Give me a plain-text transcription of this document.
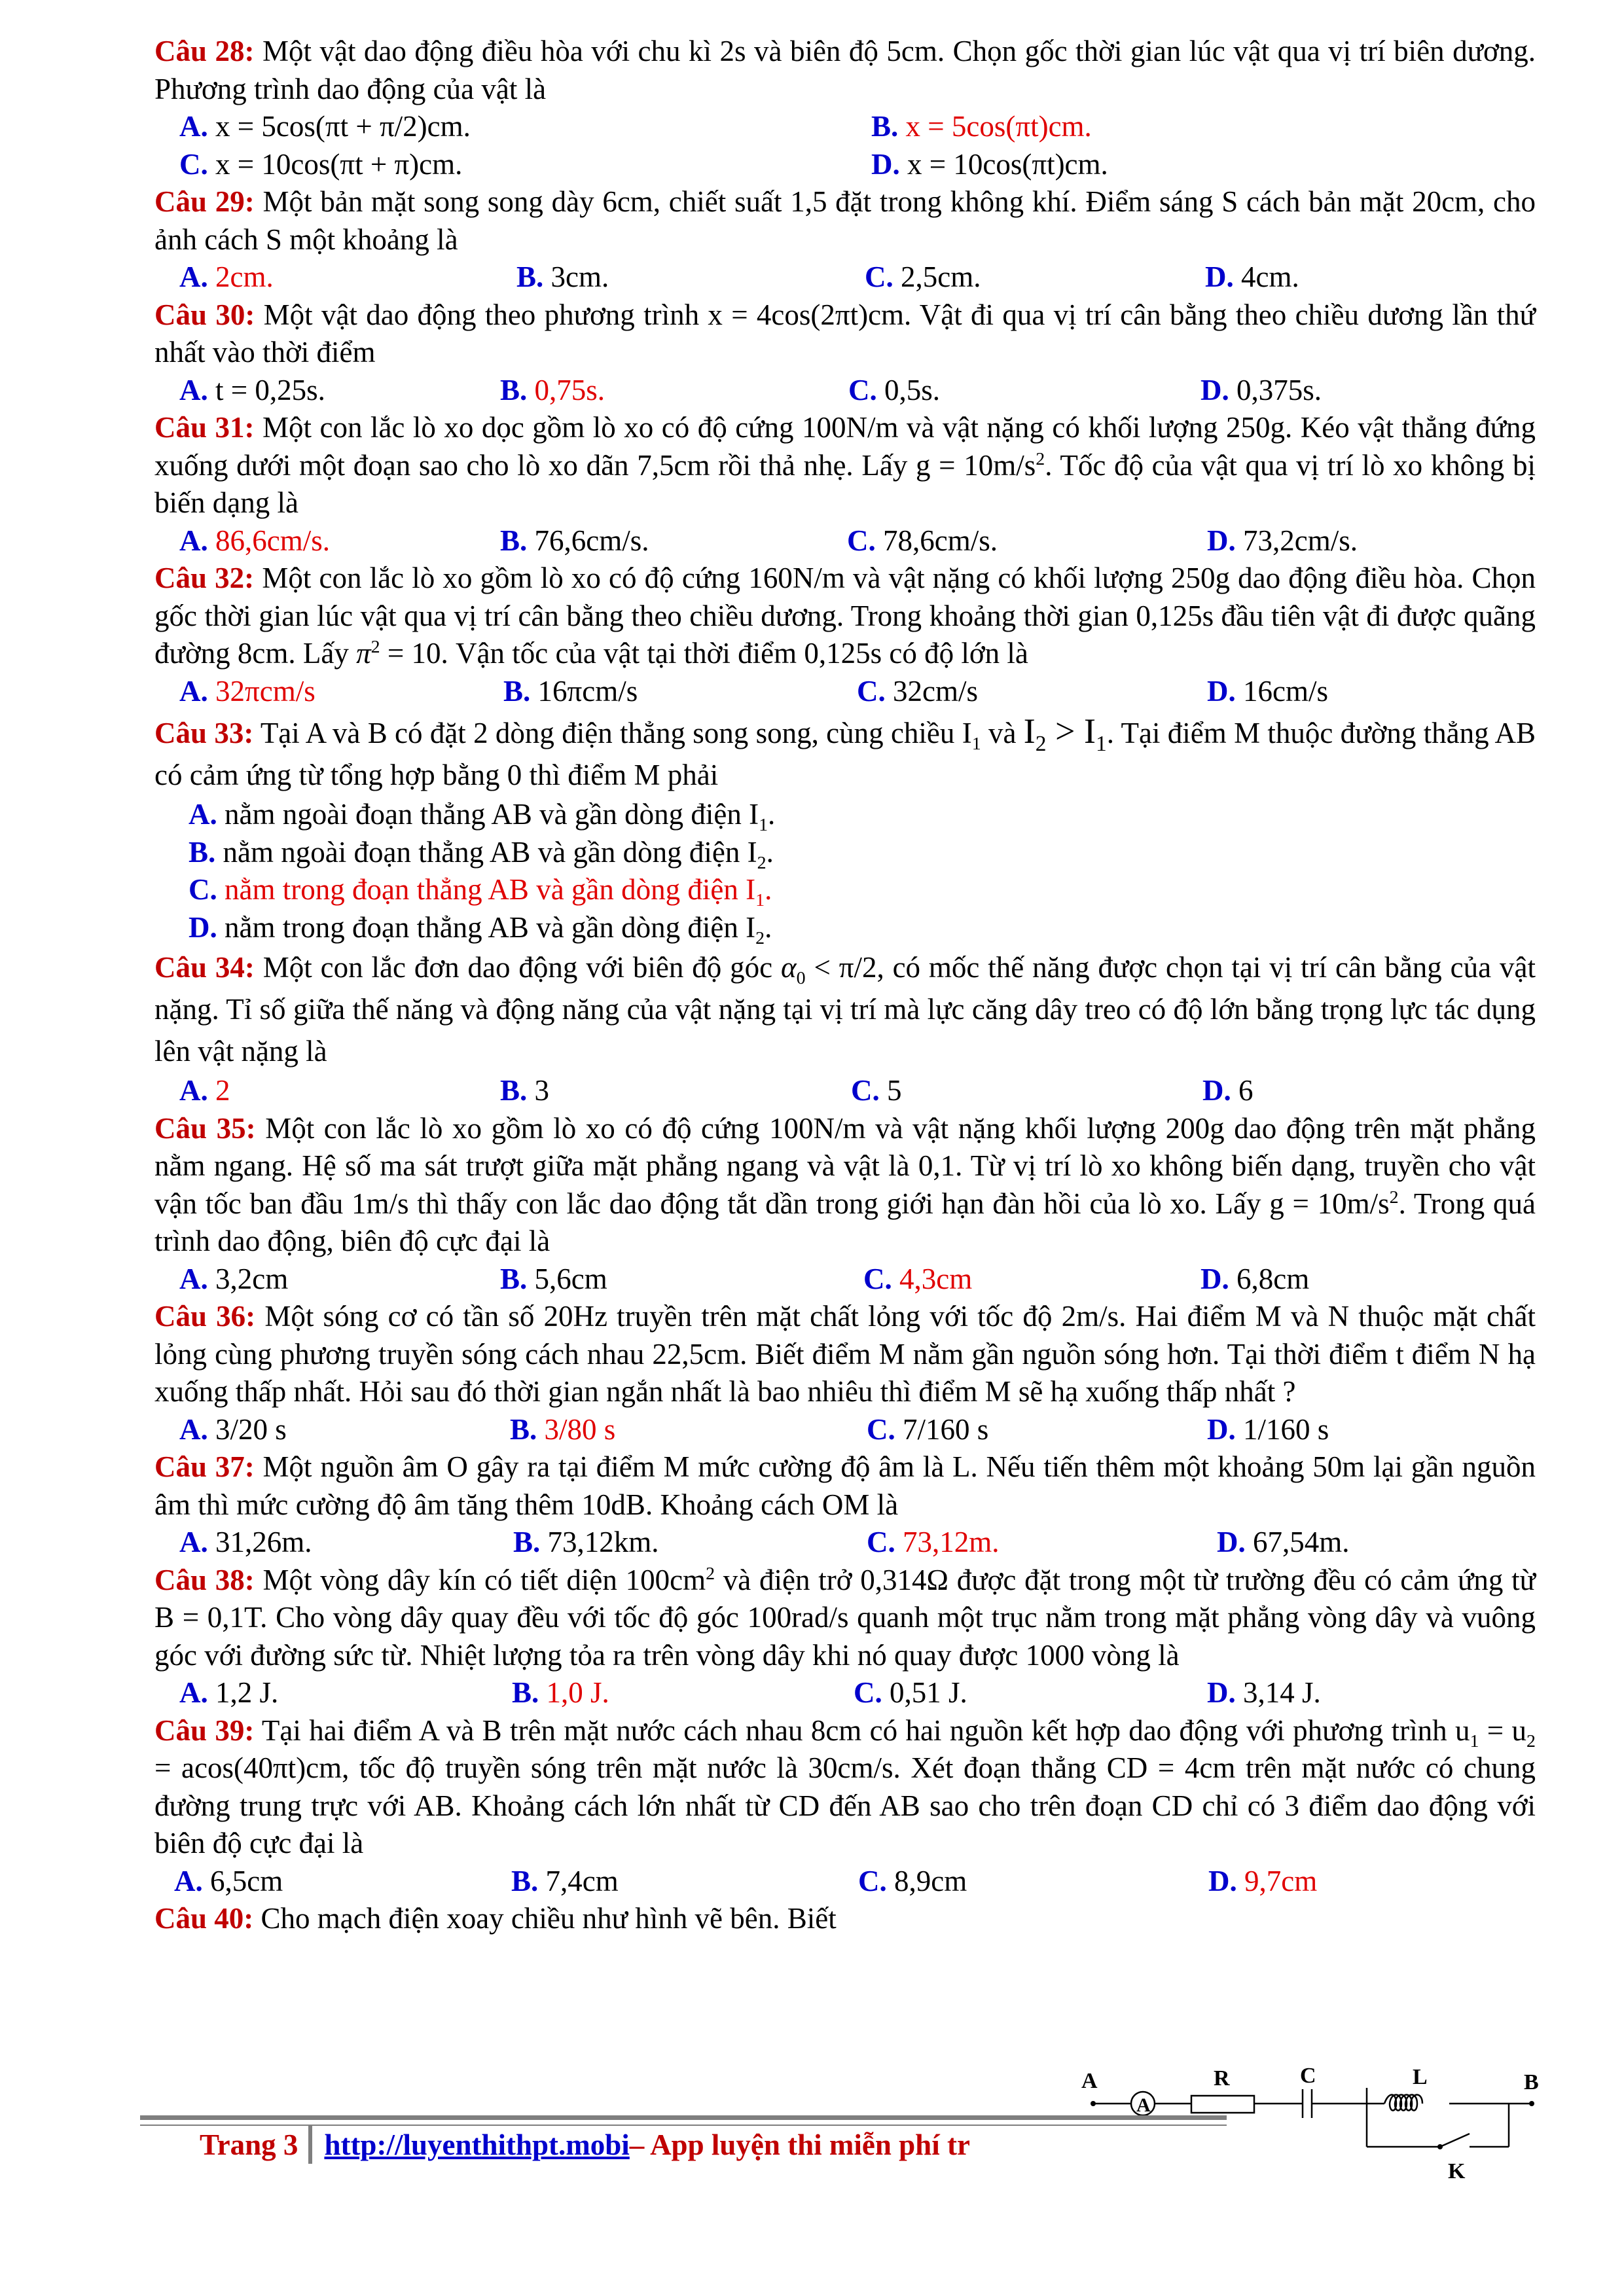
Câu 28: Một vật dao động điều hòa với chu kì 2s và biên độ 5cm. Chọn gốc thời gian lúc vật qua vị trí biên dương. Phương trình dao động của vật là
A. x = 5cos(πt + π/2)cm.	B. x = 5cos(πt)cm.
C. x = 10cos(πt + π)cm.	D. x = 10cos(πt)cm.
Câu 29: Một bản mặt song song dày 6cm, chiết suất 1,5 đặt trong không khí. Điểm sáng S cách bản mặt 20cm, cho ảnh cách S một khoảng là
A. 2cm.	B. 3cm.	C. 2,5cm.	D. 4cm.
Câu 30: Một vật dao động theo phương trình x = 4cos(2πt)cm. Vật đi qua vị trí cân bằng theo chiều dương lần thứ nhất vào thời điểm
A. t = 0,25s.	B. 0,75s.	C. 0,5s.	D. 0,375s.
Câu 31: Một con lắc lò xo dọc gồm lò xo có độ cứng 100N/m và vật nặng có khối lượng 250g. Kéo vật thẳng đứng xuống dưới một đoạn sao cho lò xo dãn 7,5cm rồi thả nhẹ. Lấy $g = 10m/s^2$. Tốc độ của vật qua vị trí lò xo không bị biến dạng là
A. 86,6cm/s.	B. 76,6cm/s.	C. 78,6cm/s.	D. 73,2cm/s.
Câu 32: Một con lắc lò xo gồm lò xo có độ cứng 160N/m và vật nặng có khối lượng 250g dao động điều hòa. Chọn gốc thời gian lúc vật qua vị trí cân bằng theo chiều dương. Trong khoảng thời gian 0,125s đầu tiên vật đi được quãng đường 8cm. Lấy $\pi^2 = 10$. Vận tốc của vật tại thời điểm 0,125s có độ lớn là
A. 32πcm/s	B. 16πcm/s	C. 32cm/s	D. 16cm/s
Câu 33: Tại A và B có đặt 2 dòng điện thẳng song song, cùng chiều $I_1$ và $I_2 > I_1$. Tại điểm M thuộc đường thẳng AB có cảm ứng từ tổng hợp bằng 0 thì điểm M phải
A. nằm ngoài đoạn thẳng AB và gần dòng điện $I_1$.
B. nằm ngoài đoạn thẳng AB và gần dòng điện $I_2$.
C. nằm trong đoạn thẳng AB và gần dòng điện $I_1$.
D. nằm trong đoạn thẳng AB và gần dòng điện $I_2$.
Câu 34: Một con lắc đơn dao động với biên độ góc $\alpha_0 < \pi/2$, có mốc thế năng được chọn tại vị trí cân bằng của vật nặng. Tỉ số giữa thế năng và động năng của vật nặng tại vị trí mà lực căng dây treo có độ lớn bằng trọng lực tác dụng lên vật nặng là
A. 2	B. 3	C. 5	D. 6
Câu 35: Một con lắc lò xo gồm lò xo có độ cứng 100N/m và vật nặng khối lượng 200g dao động trên mặt phẳng nằm ngang. Hệ số ma sát trượt giữa mặt phẳng ngang và vật là 0,1. Từ vị trí lò xo không biến dạng, truyền cho vật vận tốc ban đầu 1m/s thì thấy con lắc dao động tắt dần trong giới hạn đàn hồi của lò xo. Lấy $g = 10m/s^2$. Trong quá trình dao động, biên độ cực đại là
A. 3,2cm	B. 5,6cm	C. 4,3cm	D. 6,8cm
Câu 36: Một sóng cơ có tần số 20Hz truyền trên mặt chất lỏng với tốc độ 2m/s. Hai điểm M và N thuộc mặt chất lỏng cùng phương truyền sóng cách nhau 22,5cm. Biết điểm M nằm gần nguồn sóng hơn. Tại thời điểm t điểm N hạ xuống thấp nhất. Hỏi sau đó thời gian ngắn nhất là bao nhiêu thì điểm M sẽ hạ xuống thấp nhất ?
A. 3/20 s	B. 3/80 s	C. 7/160 s	D. 1/160 s
Câu 37: Một nguồn âm O gây ra tại điểm M mức cường độ âm là L. Nếu tiến thêm một khoảng 50m lại gần nguồn âm thì mức cường độ âm tăng thêm 10dB. Khoảng cách OM là
A. 31,26m.	B. 73,12km.	C. 73,12m.	D. 67,54m.
Câu 38: Một vòng dây kín có tiết diện $100cm^2$ và điện trở 0,314Ω được đặt trong một từ trường đều có cảm ứng từ B = 0,1T. Cho vòng dây quay đều với tốc độ góc 100rad/s quanh một trục nằm trong mặt phẳng vòng dây và vuông góc với đường sức từ. Nhiệt lượng tỏa ra trên vòng dây khi nó quay được 1000 vòng là
A. 1,2 J.	B. 1,0 J.	C. 0,51 J.	D. 3,14 J.
Câu 39: Tại hai điểm A và B trên mặt nước cách nhau 8cm có hai nguồn kết hợp dao động với phương trình $u_1 = u_2 = acos(40\pi t)cm$, tốc độ truyền sóng trên mặt nước là 30cm/s. Xét đoạn thẳng CD = 4cm trên mặt nước có chung đường trung trực với AB. Khoảng cách lớn nhất từ CD đến AB sao cho trên đoạn CD chỉ có 3 điểm dao động với biên độ cực đại là
A. 6,5cm	B. 7,4cm	C. 8,9cm	D. 9,7cm
Câu 40: Cho mạch điện xoay chiều như hình vẽ bên. Biết
A
A
R	C	L	B
K
Trang 3 http://luyenthithpt.mobi – App luyện thi miễn phí tr
